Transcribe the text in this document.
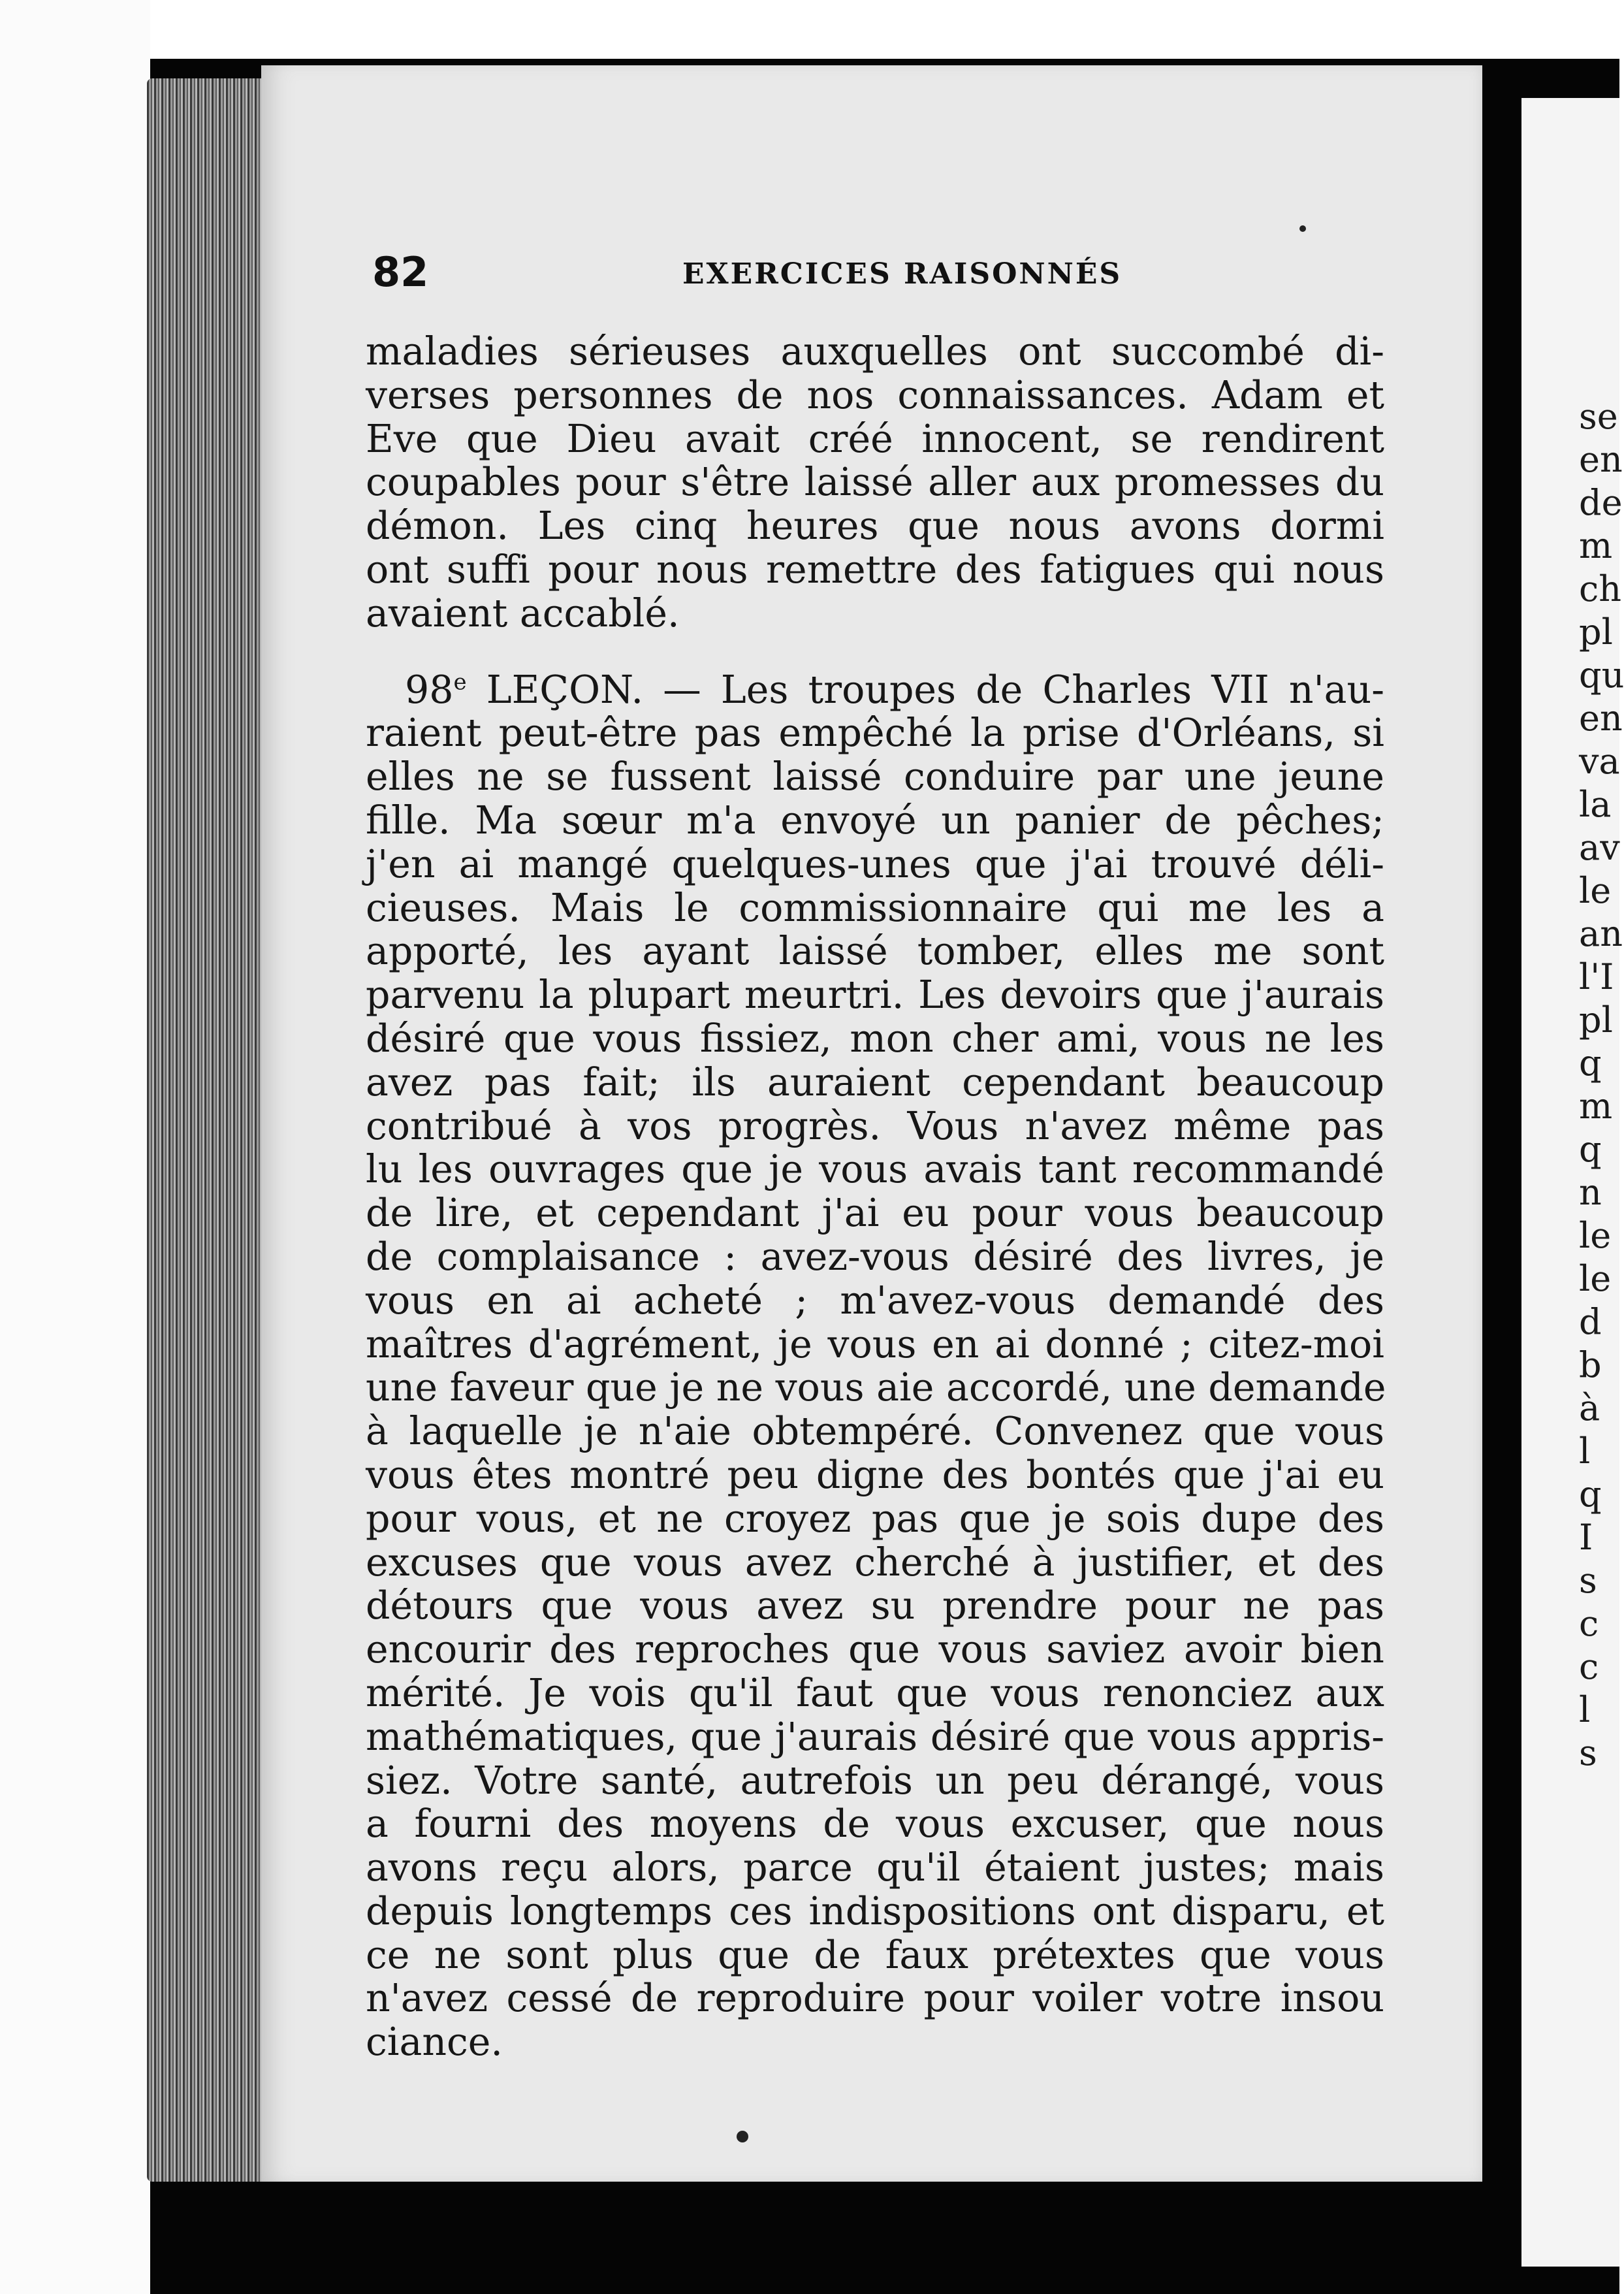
se
en
de
m
ch
pl
qu
en
va
la
av
le
an
l'I
pl
q
m
q
n
le
le
d
b
à
l
q
I
s
c
c
l
s
82	EXERCICES RAISONNÉS
maladies sérieuses auxquelles ont succombé di-
verses personnes de nos connaissances. Adam et
Eve que Dieu avait créé innocent, se rendirent
coupables pour s'être laissé aller aux promesses du
démon. Les cinq heures que nous avons dormi
ont suffi pour nous remettre des fatigues qui nous
avaient accablé.
98e LEÇON. — Les troupes de Charles VII n'au-
raient peut-être pas empêché la prise d'Orléans, si
elles ne se fussent laissé conduire par une jeune
fille. Ma sœur m'a envoyé un panier de pêches;
j'en ai mangé quelques-unes que j'ai trouvé déli-
cieuses. Mais le commissionnaire qui me les a
apporté, les ayant laissé tomber, elles me sont
parvenu la plupart meurtri. Les devoirs que j'aurais
désiré que vous fissiez, mon cher ami, vous ne les
avez pas fait; ils auraient cependant beaucoup
contribué à vos progrès. Vous n'avez même pas
lu les ouvrages que je vous avais tant recommandé
de lire, et cependant j'ai eu pour vous beaucoup
de complaisance : avez-vous désiré des livres, je
vous en ai acheté ; m'avez-vous demandé des
maîtres d'agrément, je vous en ai donné ; citez-moi
une faveur que je ne vous aie accordé, une demande
à laquelle je n'aie obtempéré. Convenez que vous
vous êtes montré peu digne des bontés que j'ai eu
pour vous, et ne croyez pas que je sois dupe des
excuses que vous avez cherché à justifier, et des
détours que vous avez su prendre pour ne pas
encourir des reproches que vous saviez avoir bien
mérité. Je vois qu'il faut que vous renonciez aux
mathématiques, que j'aurais désiré que vous appris-
siez. Votre santé, autrefois un peu dérangé, vous
a fourni des moyens de vous excuser, que nous
avons reçu alors, parce qu'il étaient justes; mais
depuis longtemps ces indispositions ont disparu, et
ce ne sont plus que de faux prétextes que vous
n'avez cessé de reproduire pour voiler votre insou
ciance.
